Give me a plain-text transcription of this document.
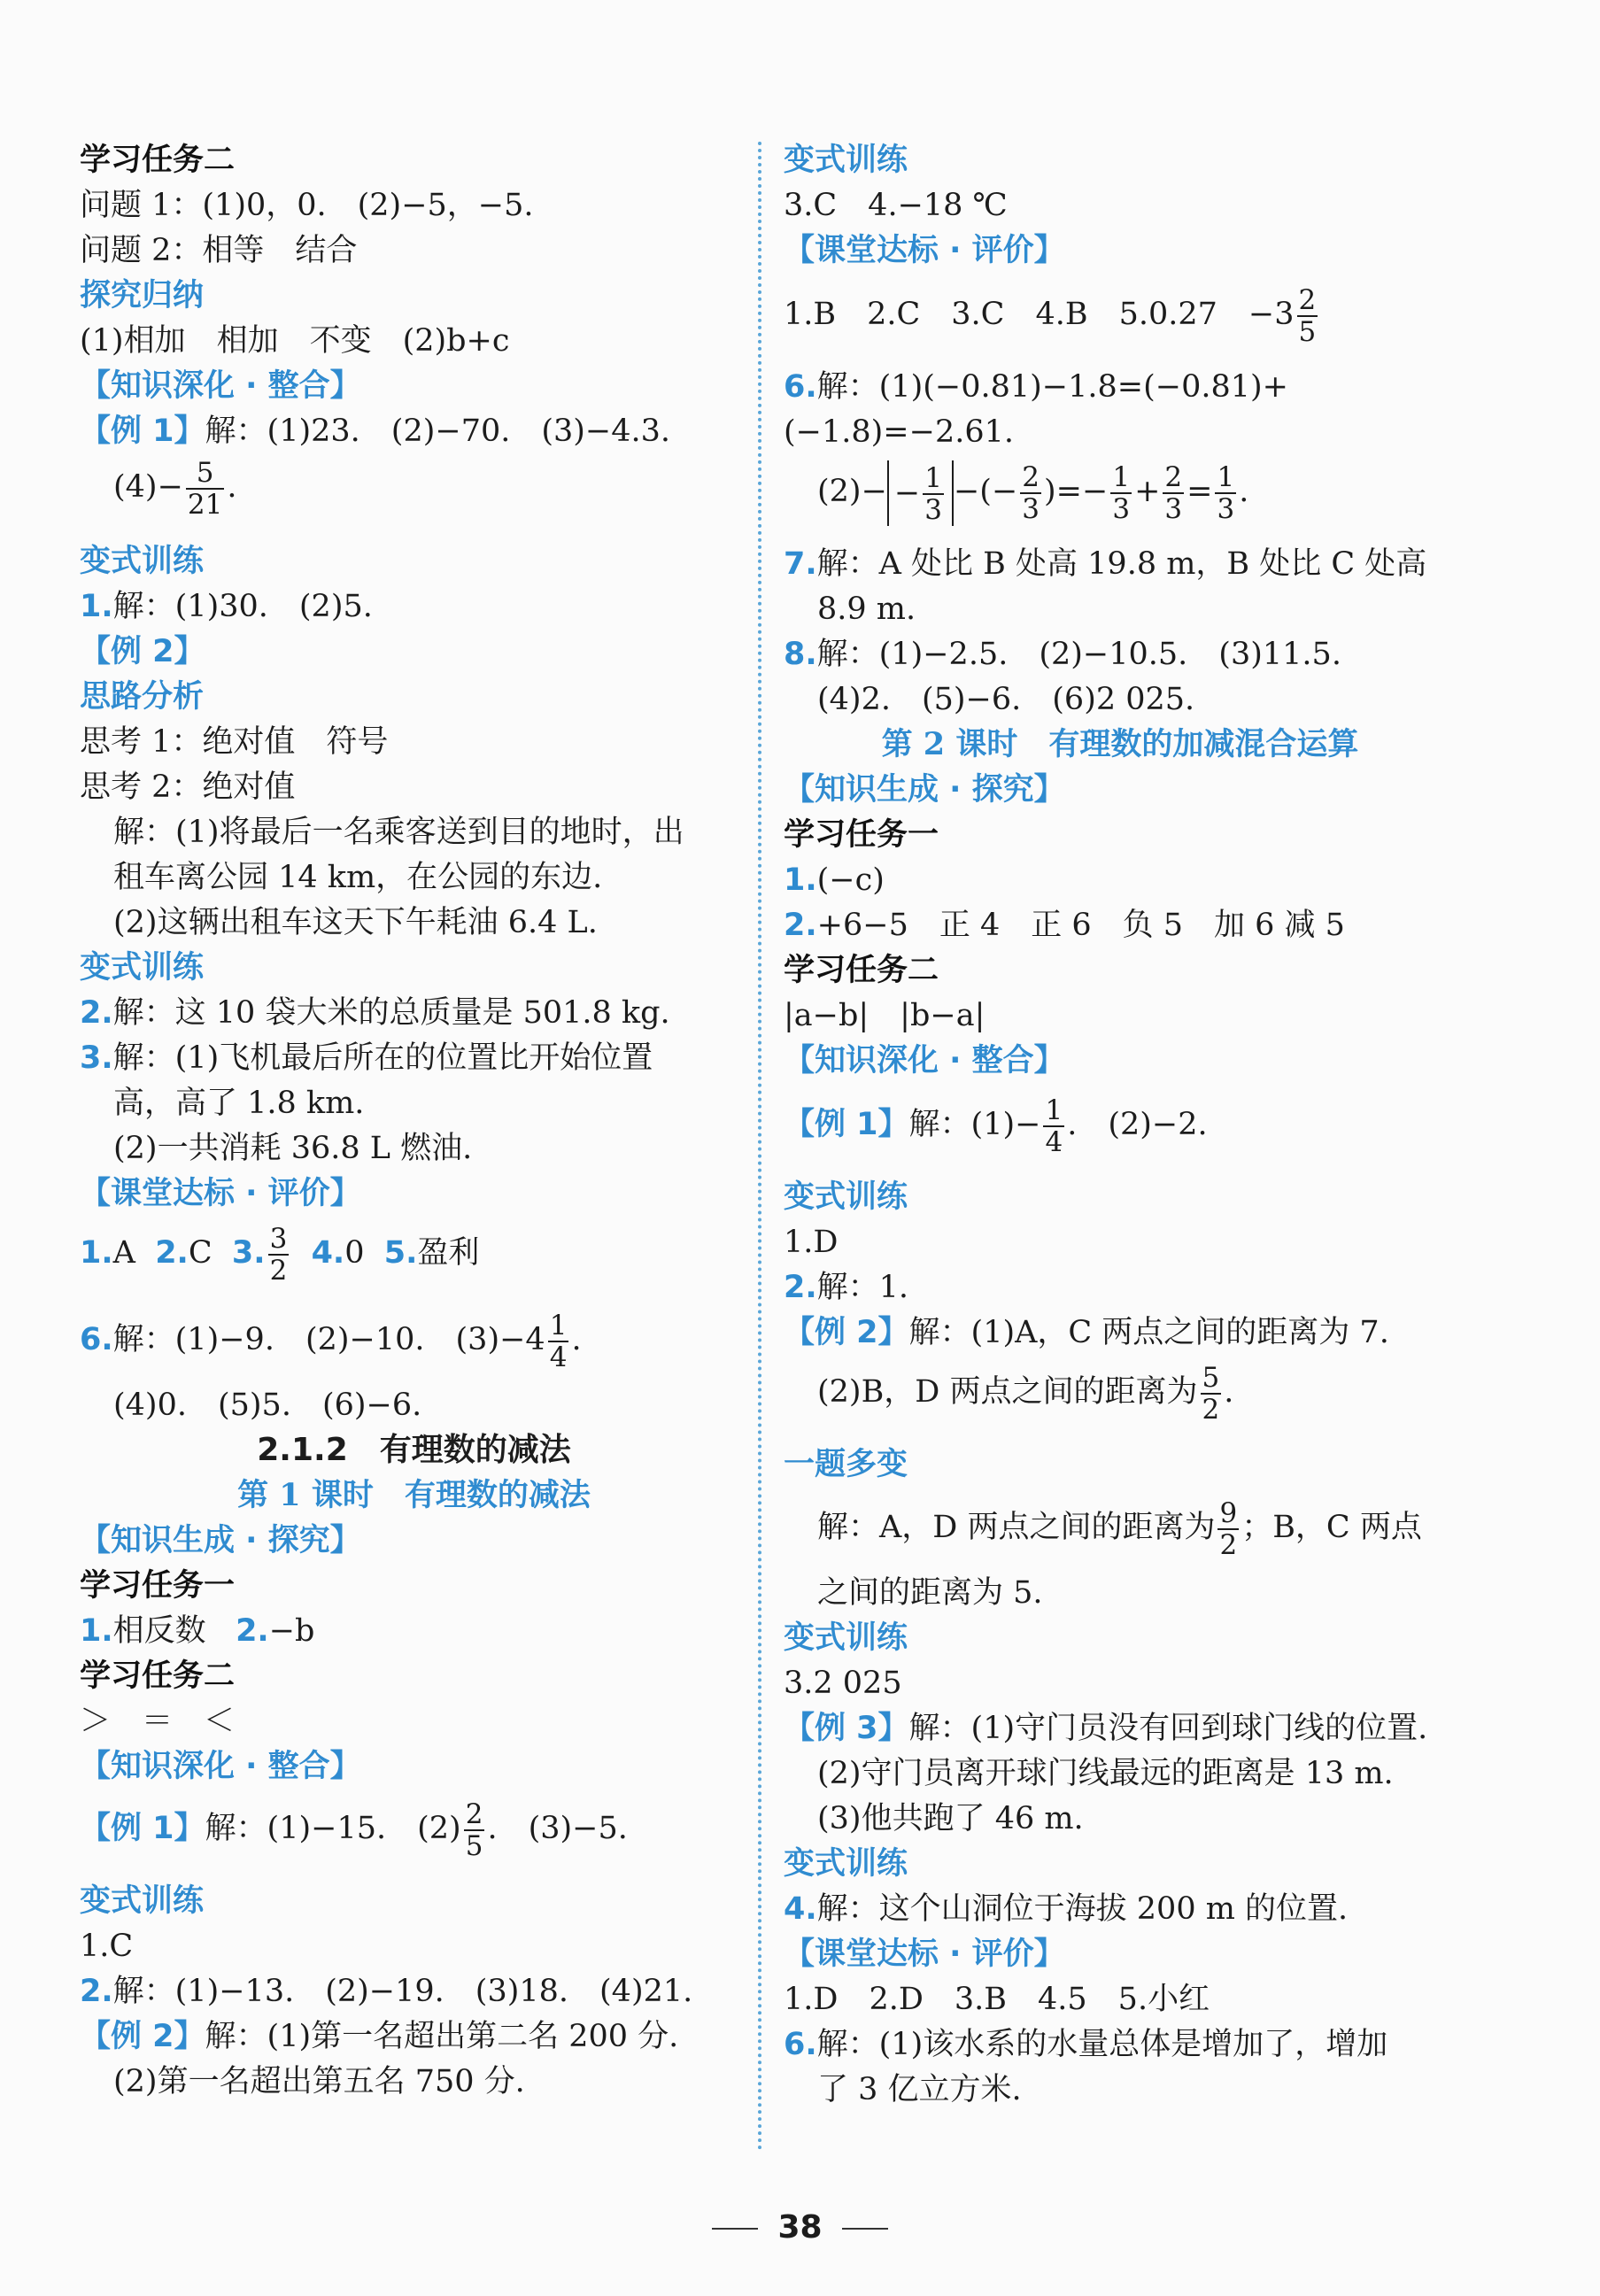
学习任务二
问题 1：(1)0，0.　(2)−5，−5.
问题 2：相等　结合
探究归纳
(1)相加　相加　不变　(2)b+c
【知识深化 · 整合】
【例 1】解：(1)23.　(2)−70.　(3)−4.3.
$(4)- \frac{5}{21}$ .
变式训练
1.解：(1)30.　(2)5.
【例 2】
思路分析
思考 1：绝对值　符号
思考 2：绝对值
解：(1)将最后一名乘客送到目的地时，出
租车离公园 14 km，在公园的东边.
(2)这辆出租车这天下午耗油 6.4 L.
变式训练
2.解：这 10 袋大米的总质量是 501.8 kg.
3.解：(1)飞机最后所在的位置比开始位置
高，高了 1.8 km.
(2)一共消耗 36.8 L 燃油.
【课堂达标 · 评价】
1.A 2.C 3. $\frac{3}{2} 4.0$ 5.盈利
6.解：(1)−9.　(2)−10.　$(3)-4 \frac{1}{4}$ .
(4)0.　(5)5.　(6)−6.
2.1.2　有理数的减法
第 1 课时　有理数的减法
【知识生成 · 探究】
学习任务一
1.相反数 2.−b
学习任务二
＞　＝　＜
【知识深化 · 整合】
【例 1】解：(1)−15.　$(2) \frac{2}{5}$ .　(3)−5.
变式训练
1.C
2.解：(1)−13.　(2)−19.　(3)18.　(4)21.
【例 2】解：(1)第一名超出第二名 200 分.
(2)第一名超出第五名 750 分.
变式训练
3.C　4.−18 ℃
【课堂达标 · 评价】
1.B　2.C　3.C　4.B　5.0.27　$-3 \frac{2}{5}$
6.解：(1)(−0.81)−1.8=(−0.81)+
(−1.8)=−2.61.
$(2)- - \frac{1}{3}$ −(− $\frac{2}{3}$ )=− $\frac{1}{3} + \frac{2}{3} = \frac{1}{3}$ .
7.解：A 处比 B 处高 19.8 m，B 处比 C 处高
8.9 m.
8.解：(1)−2.5.　(2)−10.5.　(3)11.5.
(4)2.　(5)−6.　(6)2 025.
第 2 课时　有理数的加减混合运算
【知识生成 · 探究】
学习任务一
1.(−c)
2.+6−5　正 4　正 6　负 5　加 6 减 5
学习任务二
|a−b|　|b−a|
【知识深化 · 整合】
【例 1】解：$(1)- \frac{1}{4}$ .　(2)−2.
变式训练
1.D
2.解：1.
【例 2】解：(1)A，C 两点之间的距离为 7.
(2)B，D 两点之间的距离为 $\frac{5}{2}$ .
一题多变
解：A，D 两点之间的距离为 $\frac{9}{2}$ ；B，C 两点
之间的距离为 5.
变式训练
3.2 025
【例 3】解：(1)守门员没有回到球门线的位置.
(2)守门员离开球门线最远的距离是 13 m.
(3)他共跑了 46 m.
变式训练
4.解：这个山洞位于海拔 200 m 的位置.
【课堂达标 · 评价】
1.D　2.D　3.B　4.5　5.小红
6.解：(1)该水系的水量总体是增加了，增加
了 3 亿立方米.
38
